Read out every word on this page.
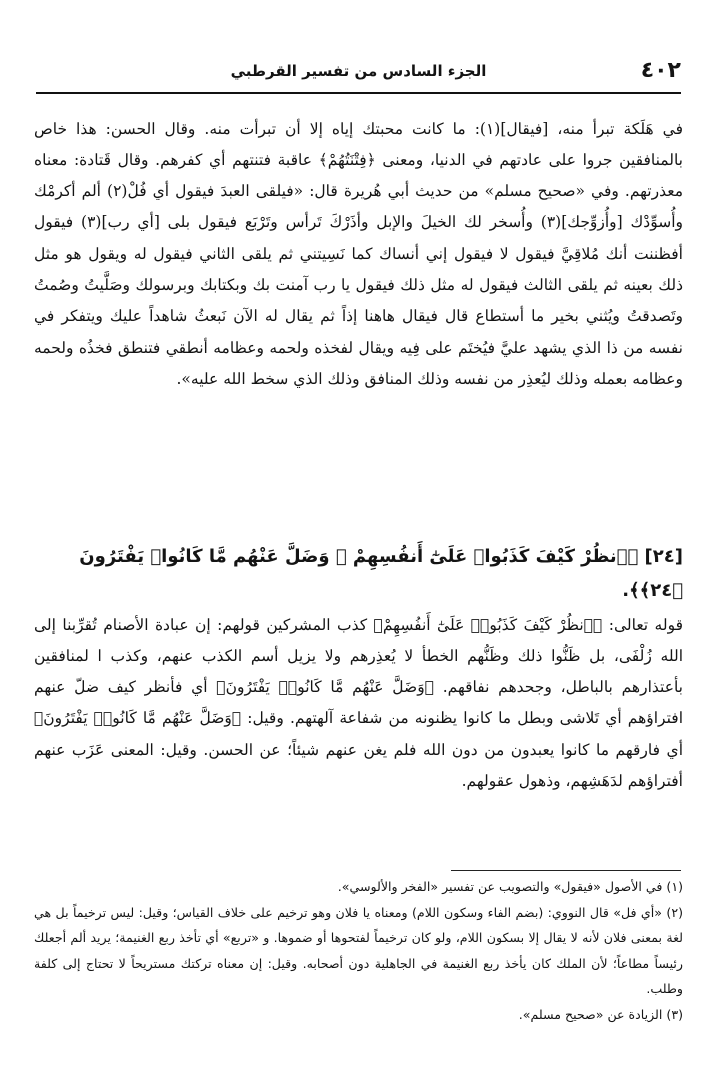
٤٠٢
الجزء السادس من تفسير القرطبي

في هَلَكة تبرأ منه، [فيقال](١): ما كانت محبتك إياه إلا أن تبرأت منه. وقال الحسن: هذا خاص بالمنافقين جروا على عادتهم في الدنيا، ومعنى ﴿فِتْنَتُهُمْ﴾ عاقبة فتنتهم أي كفرهم. وقال قَتادة: معناه معذرتهم. وفي «صحيح مسلم» من حديث أبي هُريرة قال: «فيلقى العبدَ فيقول أي فُلْ(٢) ألم أكرمْك وأُسوِّدْك [وأُزوِّجك](٣) وأُسخر لك الخيلَ والإبل وأذَرْكَ تَرأس وتَرْبَع فيقول بلى [أي رب](٣) فيقول أفظننت أنك مُلاقِيَّ فيقول لا فيقول إني أنساك كما نَسِيتني ثم يلقى الثاني فيقول له ويقول هو مثل ذلك بعينه ثم يلقى الثالث فيقول له مثل ذلك فيقول يا رب آمنت بك وبكتابك وبرسولك وصَلَّيتُ وصُمتُ وتَصدقتُ ويُثني بخير ما أستطاع قال فيقال هاهنا إذاً ثم يقال له الآن نَبعثُ شاهداً عليك ويتفكر في نفسه من ذا الذي يشهد عليَّ فيُختَم على فِيه ويقال لفخذه ولحمه وعظامه أنطقي فتنطق فخذُه ولحمه وعظامه بعمله وذلك ليُعذِر من نفسه وذلك المنافق وذلك الذي سخط الله عليه».

[٢٤] ﴿ٱنظُرْ كَيْفَ كَذَبُوا۟ عَلَىٰٓ أَنفُسِهِمْ ۚ وَضَلَّ عَنْهُم مَّا كَانُوا۟ يَفْتَرُونَ ﴿٢٤﴾﴾.

قوله تعالى: ﴿ٱنظُرْ كَيْفَ كَذَبُوا۟ عَلَىٰٓ أَنفُسِهِمْ﴾ كذب المشركين قولهم: إن عبادة الأصنام تُقرِّبنا إلى الله زُلْفَى، بل ظَنُّوا ذلك وظَنُّهم الخطأ لا يُعذِرهم ولا يزيل أسم الكذب عنهم، وكذب ا لمنافقين بأعتذارهم بالباطل، وجحدهم نفاقهم. ﴿وَضَلَّ عَنْهُم مَّا كَانُوا۟ يَفْتَرُونَ﴾ أي فأنظر كيف ضلّ عنهم افتراؤهم أي تَلاشى وبطل ما كانوا يظنونه من شفاعة آلهتهم. وقيل: ﴿وَضَلَّ عَنْهُم مَّا كَانُوا۟ يَفْتَرُونَ﴾ أي فارقهم ما كانوا يعبدون من دون الله فلم يغن عنهم شيئاً؛ عن الحسن. وقيل: المعنى عَزَب عنهم أفتراؤهم لدَهَشِهم، وذهول عقولهم.

(١) في الأصول «فيقول» والتصويب عن تفسير «الفخر والألوسي».

(٢) «أي فل» قال النووي: (بضم الفاء وسكون اللام) ومعناه يا فلان وهو ترخيم على خلاف القياس؛ وقيل: ليس ترخيماً بل هي لغة بمعنى فلان لأنه لا يقال إلا بسكون اللام، ولو كان ترخيماً لفتحوها أو ضموها. و «تربع» أي تأخذ ربع الغنيمة؛ يريد ألم أجعلك رئيساً مطاعاً؛ لأن الملك كان يأخذ ربع الغنيمة في الجاهلية دون أصحابه. وقيل: إن معناه تركتك مستريحاً لا تحتاج إلى كلفة وطلب.

(٣) الزيادة عن «صحيح مسلم».
